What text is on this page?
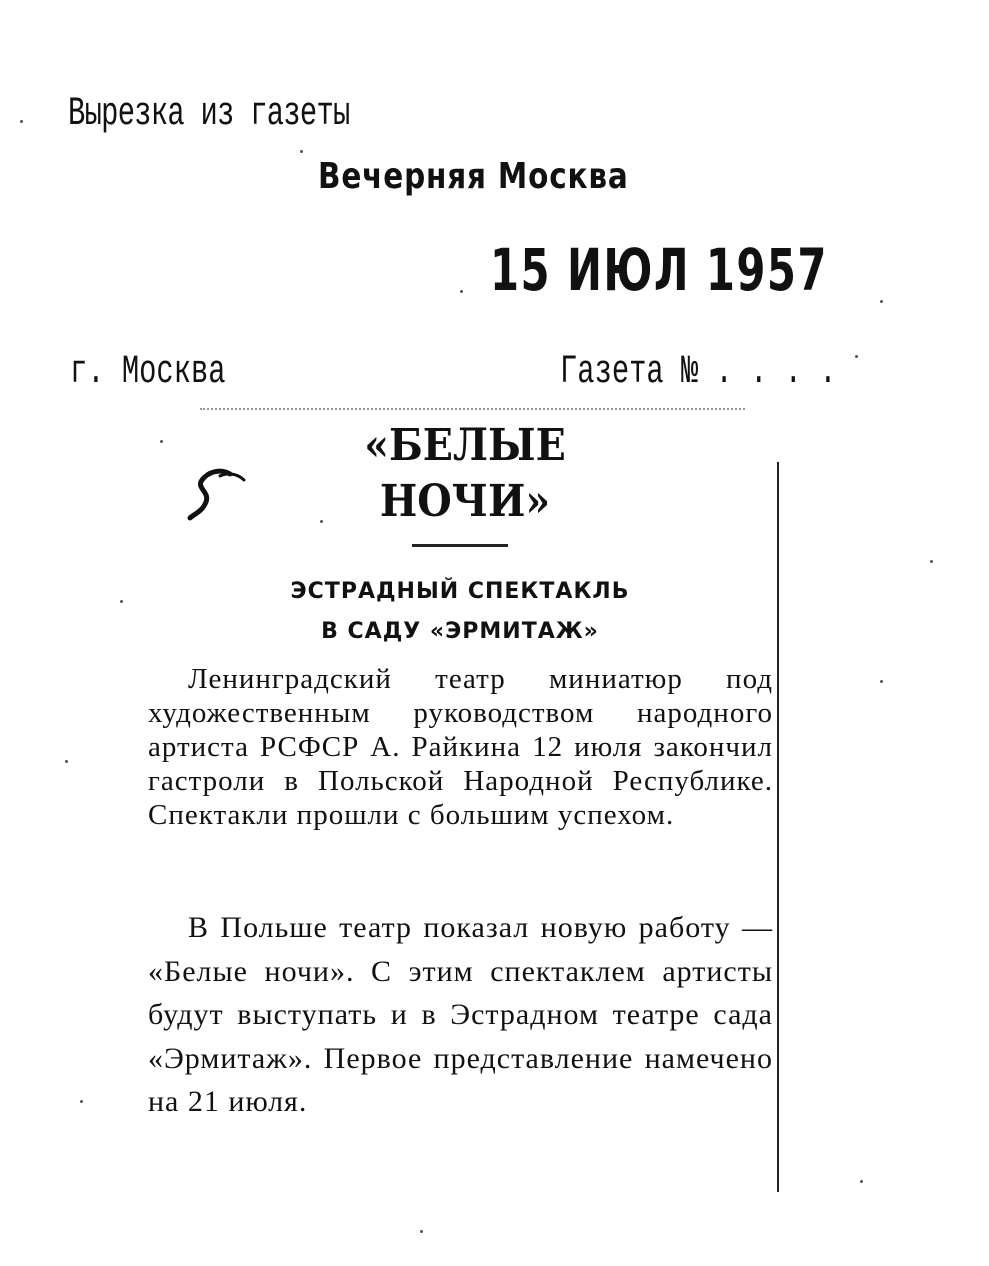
Вырезка из газеты
Вечерняя Москва
15 ИЮЛ 1957
г. Москва	Газета № . . . .
«БЕЛЫЕ НОЧИ»
ЭСТРАДНЫЙ СПЕКТАКЛЬ
В САДУ «ЭРМИТАЖ»
Ленинградский театр миниатюр под художественным руководством народного артиста РСФСР А. Райкина 12 июля закончил гастроли в Польской Народной Республике. Спектакли прошли с большим успехом.
В Польше театр показал новую работу — «Белые ночи». С этим спектаклем артисты будут выступать и в Эстрадном театре сада «Эрмитаж». Первое представление намечено на 21 июля.
